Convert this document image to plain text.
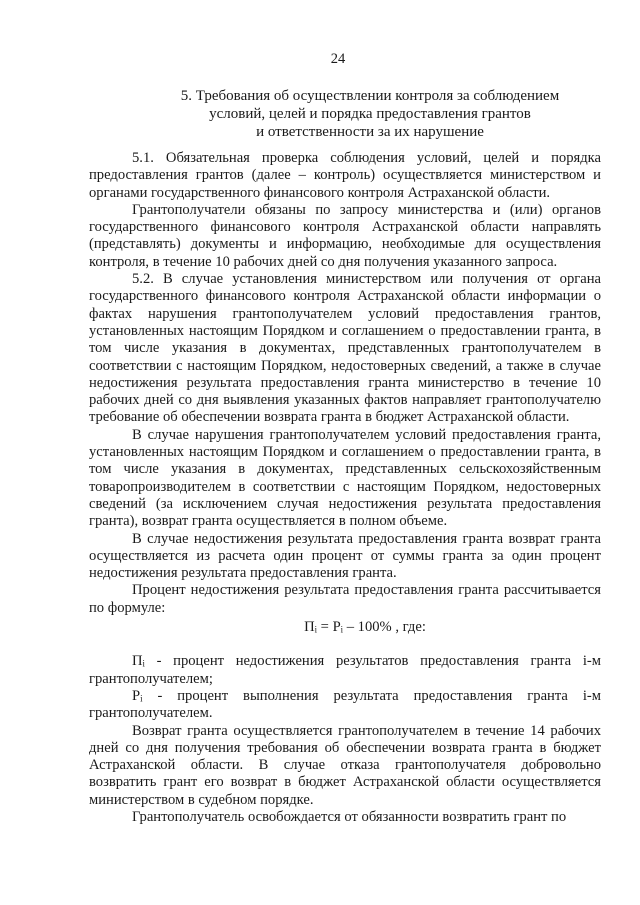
24
5. Требования об осуществлении контроля за соблюдением
условий, целей и порядка предоставления грантов
и ответственности за их нарушение

5.1. Обязательная проверка соблюдения условий, целей и порядка предоставления грантов (далее – контроль) осуществляется министерством и органами государственного финансового контроля Астраханской области.

Грантополучатели обязаны по запросу министерства и (или) органов государственного финансового контроля Астраханской области направлять (представлять) документы и информацию, необходимые для осуществления контроля, в течение 10 рабочих дней со дня получения указанного запроса.

5.2. В случае установления министерством или получения от органа государственного финансового контроля Астраханской области информации о фактах нарушения грантополучателем условий предоставления грантов, установленных настоящим Порядком и соглашением о предоставлении гранта, в том числе указания в документах, представленных грантополучателем в соответствии с настоящим Порядком, недостоверных сведений, а также в случае недостижения результата предоставления гранта министерство в течение 10 рабочих дней со дня выявления указанных фактов направляет грантополучателю требование об обеспечении возврата гранта в бюджет Астраханской области.

В случае нарушения грантополучателем условий предоставления гранта, установленных настоящим Порядком и соглашением о предоставлении гранта, в том числе указания в документах, представленных сельскохозяйственным товаропроизводителем в соответствии с настоящим Порядком, недостоверных сведений (за исключением случая недостижения результата предоставления гранта), возврат гранта осуществляется в полном объеме.

В случае недостижения результата предоставления гранта возврат гранта осуществляется из расчета один процент от суммы гранта за один процент недостижения результата предоставления гранта.

Процент недостижения результата предоставления гранта рассчитывается по формуле:

Пᵢ = Рᵢ – 100% , где:

Пᵢ - процент недостижения результатов предоставления гранта i-м грантополучателем;

Рᵢ - процент выполнения результата предоставления гранта i-м грантополучателем.

Возврат гранта осуществляется грантополучателем в течение 14 рабочих дней со дня получения требования об обеспечении возврата гранта в бюджет Астраханской области. В случае отказа грантополучателя добровольно возвратить грант его возврат в бюджет Астраханской области осуществляется министерством в судебном порядке.

Грантополучатель освобождается от обязанности возвратить грант по
